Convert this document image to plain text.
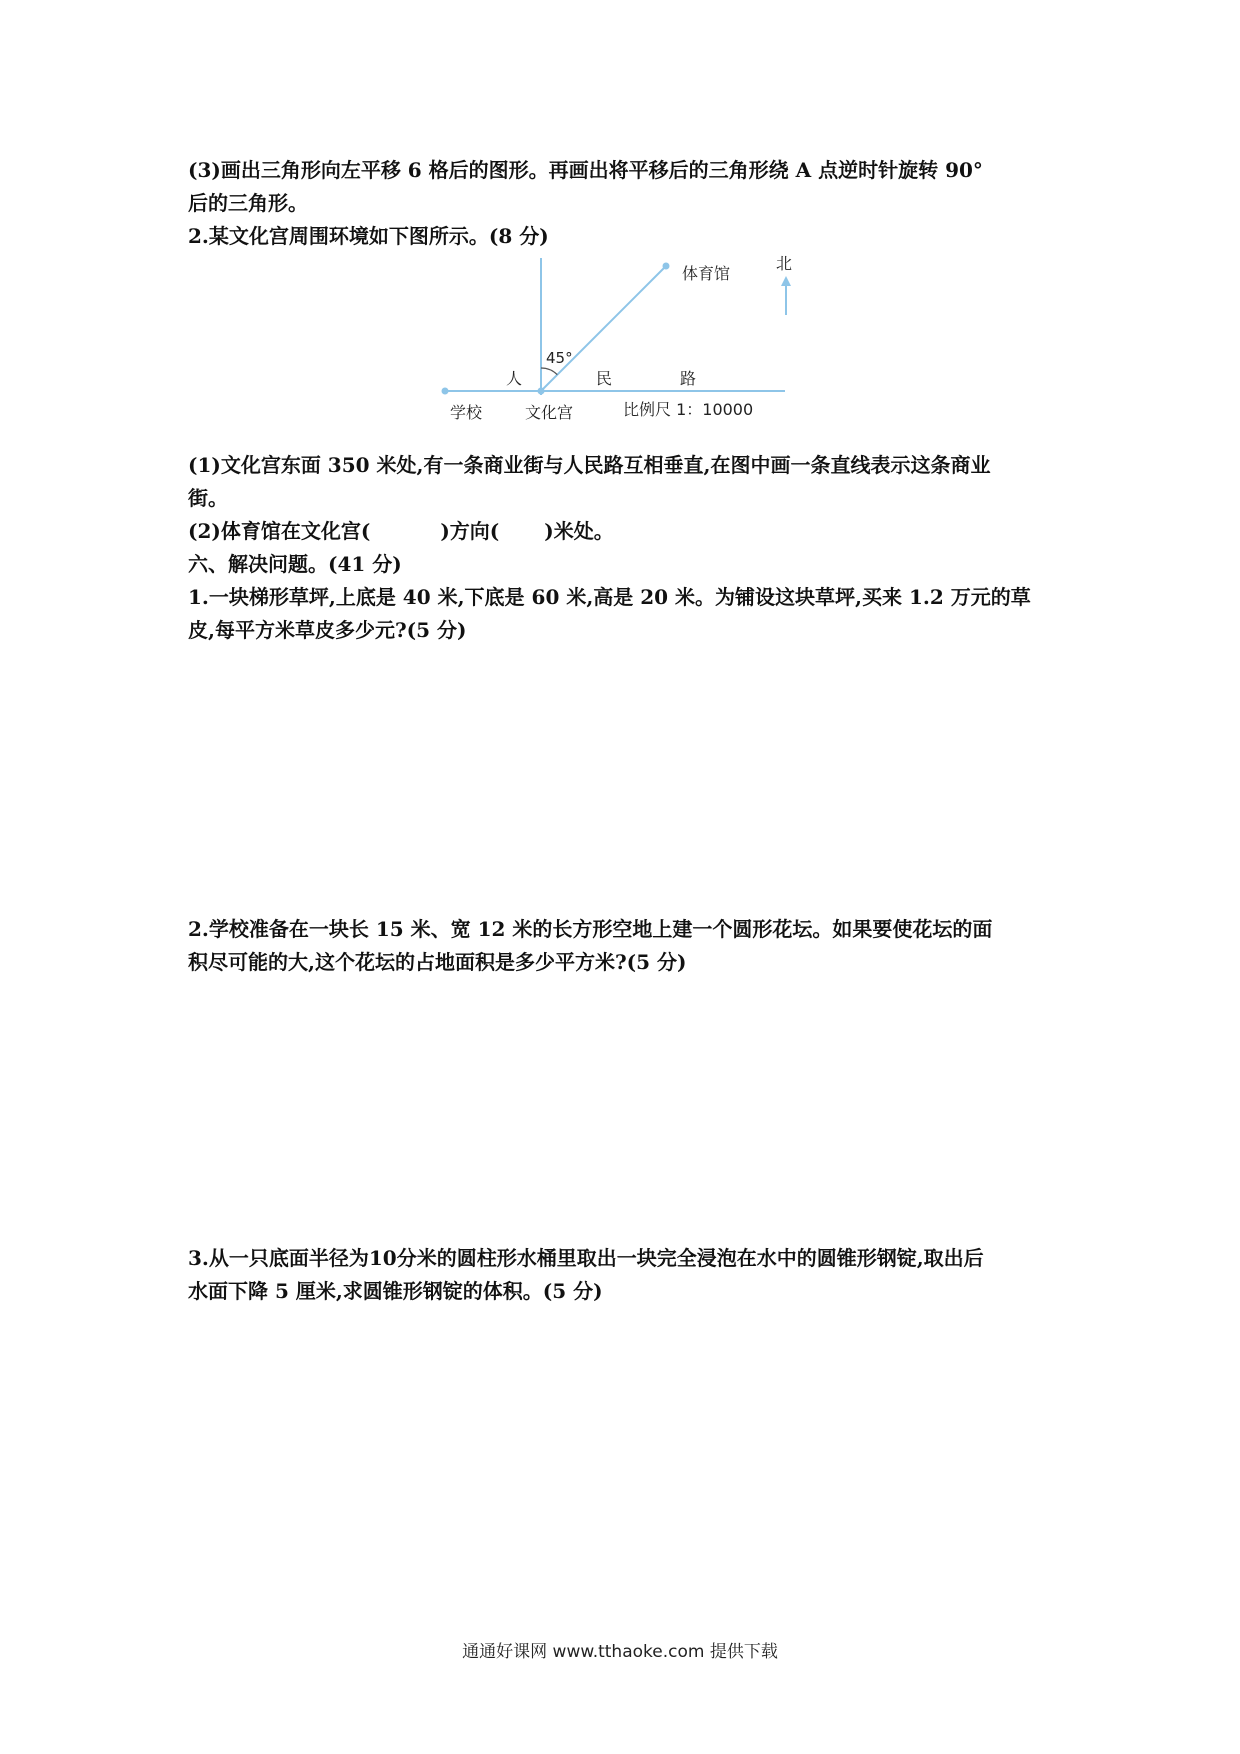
(3)画出三角形向左平移 6 格后的图形。再画出将平移后的三角形绕 A 点逆时针旋转 90°
后的三角形。
2.某文化宫周围环境如下图所示。(8 分)
体育馆
北
45°
人	民	路
学校	文化宫	比例尺 1：10000
(1)文化宫东面 350 米处,有一条商业街与人民路互相垂直,在图中画一条直线表示这条商业
街。
(2)体育馆在文化宫(	)方向( )米处。
六、解决问题。(41 分)
1.一块梯形草坪,上底是 40 米,下底是 60 米,高是 20 米。为铺设这块草坪,买来 1.2 万元的草
皮,每平方米草皮多少元?(5 分)
2.学校准备在一块长 15 米、宽 12 米的长方形空地上建一个圆形花坛。如果要使花坛的面
积尽可能的大,这个花坛的占地面积是多少平方米?(5 分)
3.从一只底面半径为10分米的圆柱形水桶里取出一块完全浸泡在水中的圆锥形钢锭,取出后
水面下降 5 厘米,求圆锥形钢锭的体积。(5 分)
通通好课网 www.tthaoke.com 提供下载
